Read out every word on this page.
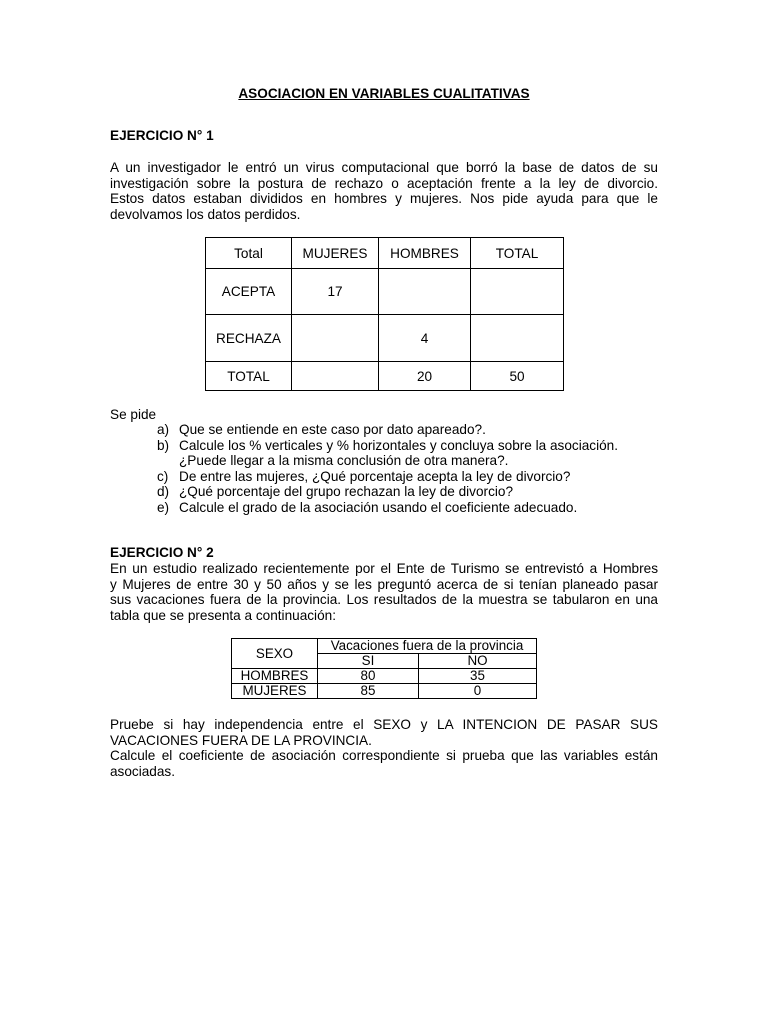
ASOCIACION EN VARIABLES CUALITATIVAS

EJERCICIO N° 1

A un investigador le entró un virus computacional que borró la base de datos de su
investigación sobre la postura de rechazo o aceptación frente a la ley de divorcio.
Estos datos estaban divididos en hombres y mujeres. Nos pide ayuda para que le
devolvamos los datos perdidos.
Total	MUJERES	HOMBRES	TOTAL
ACEPTA	17		
RECHAZA		4	
TOTAL		20	50

Se pide

a) Que se entiende en este caso por dato apareado?.
b) Calcule los % verticales y % horizontales y concluya sobre la asociación.
¿Puede llegar a la misma conclusión de otra manera?.
c) De entre las mujeres, ¿Qué porcentaje acepta la ley de divorcio?
d) ¿Qué porcentaje del grupo rechazan la ley de divorcio?
e) Calcule el grado de la asociación usando el coeficiente adecuado.

EJERCICIO N° 2

En un estudio realizado recientemente por el Ente de Turismo se entrevistó a Hombres
y Mujeres de entre 30 y 50 años y se les preguntó acerca de si tenían planeado pasar
sus vacaciones fuera de la provincia. Los resultados de la muestra se tabularon en una
tabla que se presenta a continuación:
SEXO	Vacaciones fuera de la provincia	
	SI	NO
HOMBRES	80	35
MUJERES	85	0
Pruebe si hay independencia entre el SEXO y LA INTENCION DE PASAR SUS
VACACIONES FUERA DE LA PROVINCIA.
Calcule el coeficiente de asociación correspondiente si prueba que las variables están
asociadas.
